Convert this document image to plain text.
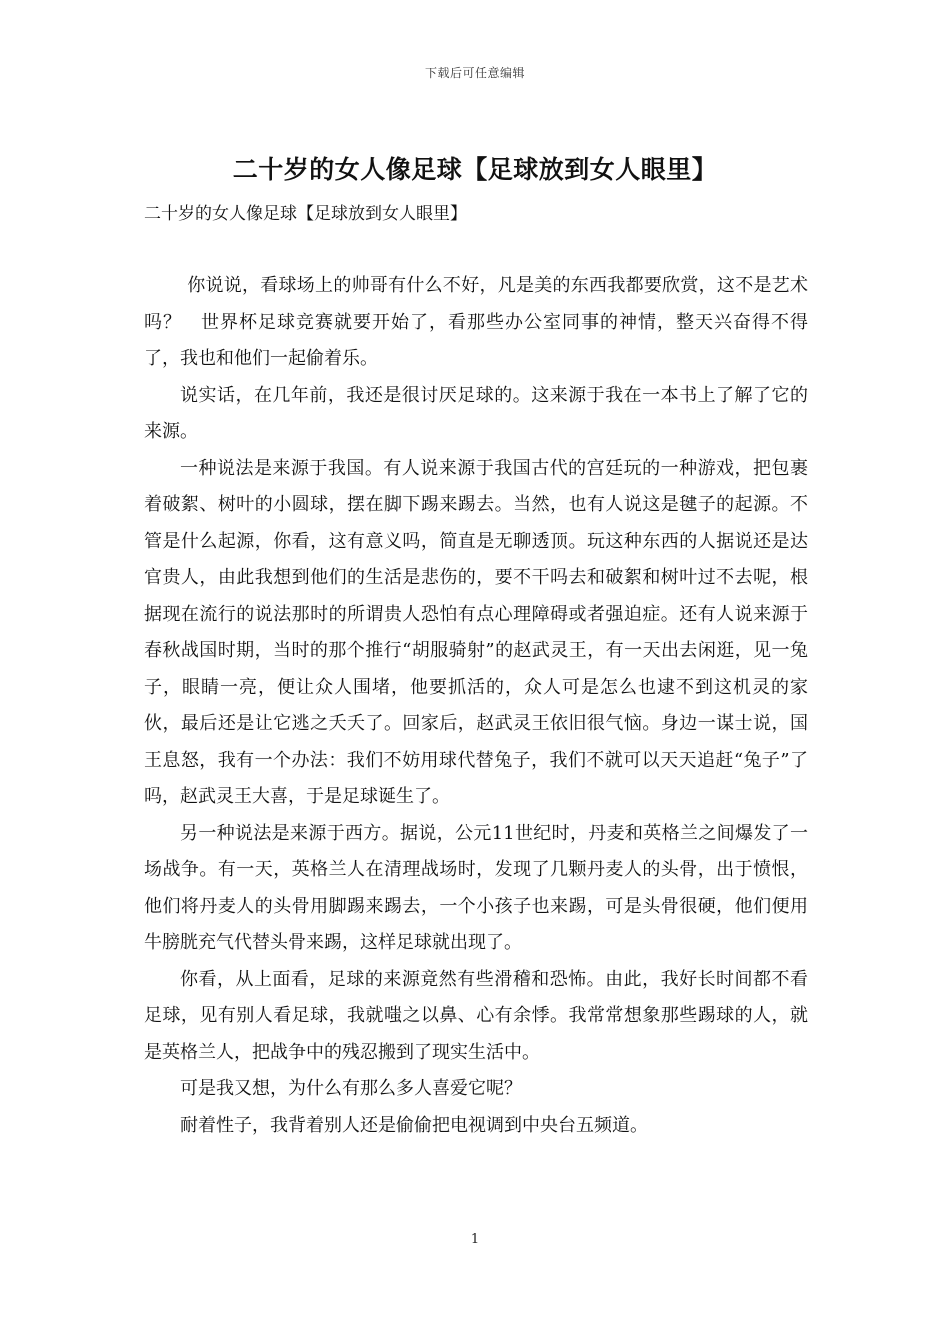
下载后可任意编辑
二十岁的女人像足球【足球放到女人眼里】
二十岁的女人像足球【足球放到女人眼里】

你说说，看球场上的帅哥有什么不好，凡是美的东西我都要欣赏，这不是艺术吗？　世界杯足球竞赛就要开始了，看那些办公室同事的神情，整天兴奋得不得了，我也和他们一起偷着乐。

说实话，在几年前，我还是很讨厌足球的。这来源于我在一本书上了解了它的来源。

一种说法是来源于我国。有人说来源于我国古代的宫廷玩的一种游戏，把包裹着破絮、树叶的小圆球，摆在脚下踢来踢去。当然，也有人说这是毽子的起源。不管是什么起源，你看，这有意义吗，简直是无聊透顶。玩这种东西的人据说还是达官贵人，由此我想到他们的生活是悲伤的，要不干吗去和破絮和树叶过不去呢，根据现在流行的说法那时的所谓贵人恐怕有点心理障碍或者强迫症。还有人说来源于春秋战国时期，当时的那个推行“胡服骑射”的赵武灵王，有一天出去闲逛，见一兔子，眼睛一亮，便让众人围堵，他要抓活的，众人可是怎么也逮不到这机灵的家伙，最后还是让它逃之夭夭了。回家后，赵武灵王依旧很气恼。身边一谋士说，国王息怒，我有一个办法：我们不妨用球代替兔子，我们不就可以天天追赶“兔子”了吗，赵武灵王大喜，于是足球诞生了。

另一种说法是来源于西方。据说，公元11世纪时，丹麦和英格兰之间爆发了一场战争。有一天，英格兰人在清理战场时，发现了几颗丹麦人的头骨，出于愤恨，他们将丹麦人的头骨用脚踢来踢去，一个小孩子也来踢，可是头骨很硬，他们便用牛膀胱充气代替头骨来踢，这样足球就出现了。

你看，从上面看，足球的来源竟然有些滑稽和恐怖。由此，我好长时间都不看足球，见有别人看足球，我就嗤之以鼻、心有余悸。我常常想象那些踢球的人，就是英格兰人，把战争中的残忍搬到了现实生活中。

可是我又想，为什么有那么多人喜爱它呢？

耐着性子，我背着别人还是偷偷把电视调到中央台五频道。

1
